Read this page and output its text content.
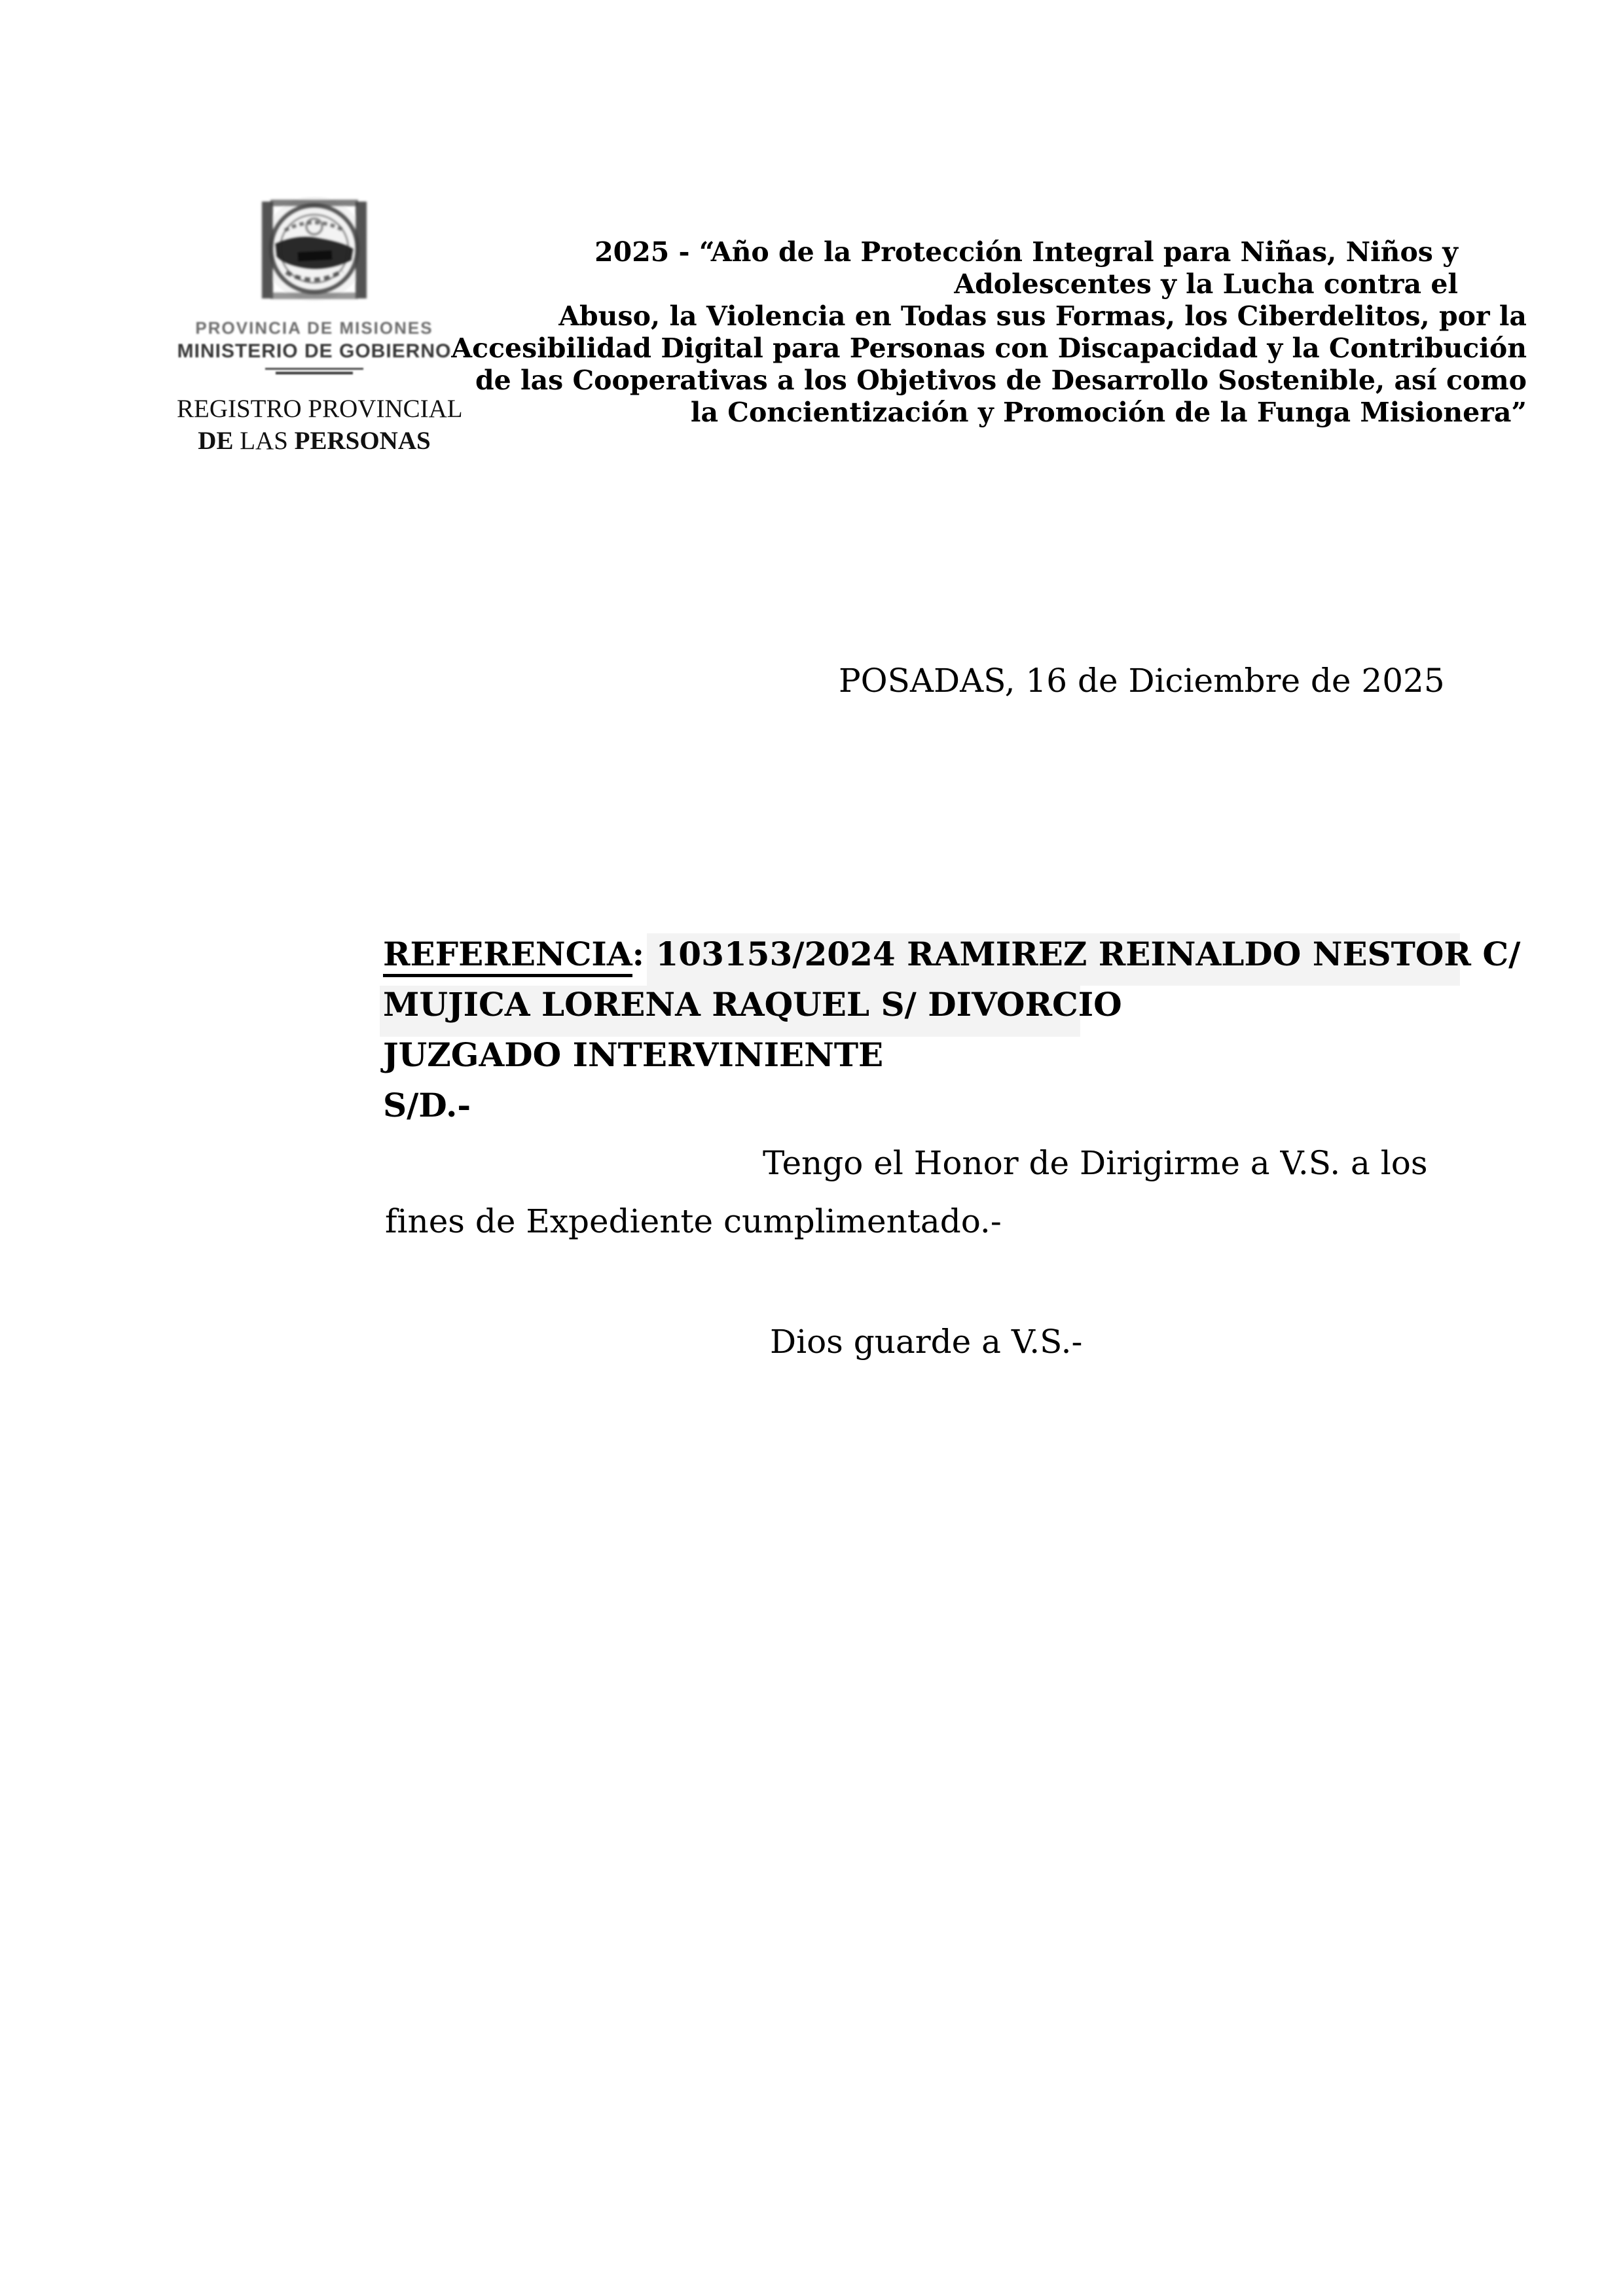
PROVINCIA DE MISIONES
MINISTERIO DE GOBIERNO
REGISTRO PROVINCIAL
DE LAS PERSONAS
2025 - “Año de la Protección Integral para Niñas, Niños y
Adolescentes y la Lucha contra el
Abuso, la Violencia en Todas sus Formas, los Ciberdelitos, por la
Accesibilidad Digital para Personas con Discapacidad y la Contribución
de las Cooperativas a los Objetivos de Desarrollo Sostenible, así como
la Concientización y Promoción de la Funga Misionera”
POSADAS, 16 de Diciembre de 2025
REFERENCIA: 103153/2024 RAMIREZ REINALDO NESTOR C/
MUJICA LORENA RAQUEL S/ DIVORCIO
JUZGADO INTERVINIENTE
S/D.-
Tengo el Honor de Dirigirme a V.S. a los
fines de Expediente cumplimentado.-
Dios guarde a V.S.-
